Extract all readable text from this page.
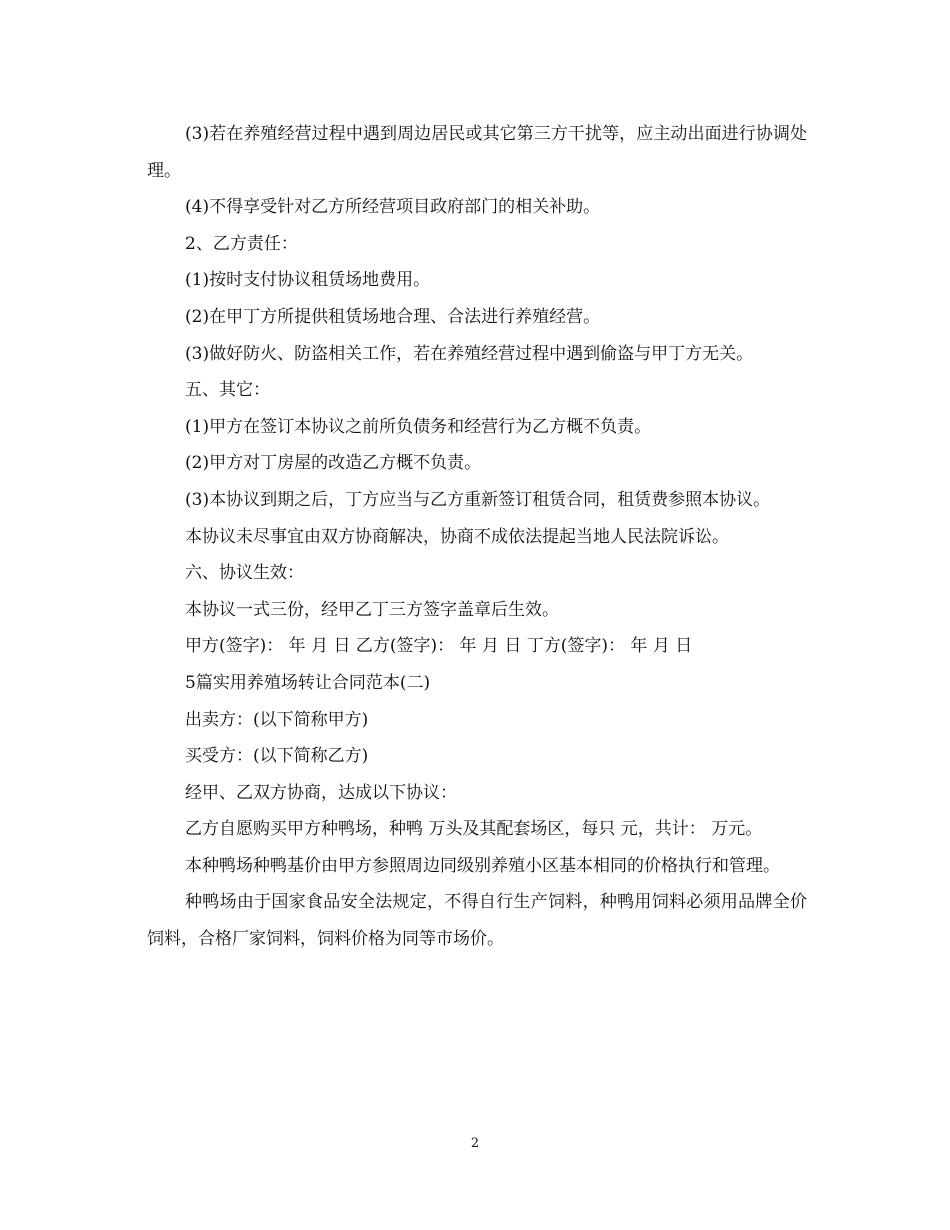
(3)若在养殖经营过程中遇到周边居民或其它第三方干扰等，应主动出面进行协调处理。

(4)不得享受针对乙方所经营项目政府部门的相关补助。

2、乙方责任：

(1)按时支付协议租赁场地费用。

(2)在甲丁方所提供租赁场地合理、合法进行养殖经营。

(3)做好防火、防盗相关工作，若在养殖经营过程中遇到偷盗与甲丁方无关。

五、其它：

(1)甲方在签订本协议之前所负债务和经营行为乙方概不负责。

(2)甲方对丁房屋的改造乙方概不负责。

(3)本协议到期之后，丁方应当与乙方重新签订租赁合同，租赁费参照本协议。

本协议未尽事宜由双方协商解决，协商不成依法提起当地人民法院诉讼。

六、协议生效：

本协议一式三份，经甲乙丁三方签字盖章后生效。

甲方(签字)： 年 月 日 乙方(签字)： 年 月 日 丁方(签字)： 年 月 日

5篇实用养殖场转让合同范本(二)

出卖方：(以下简称甲方)

买受方：(以下简称乙方)

经甲、乙双方协商，达成以下协议：

乙方自愿购买甲方种鸭场，种鸭 万头及其配套场区，每只 元，共计： 万元。

本种鸭场种鸭基价由甲方参照周边同级别养殖小区基本相同的价格执行和管理。

种鸭场由于国家食品安全法规定，不得自行生产饲料，种鸭用饲料必须用品牌全价饲料，合格厂家饲料，饲料价格为同等市场价。

2
